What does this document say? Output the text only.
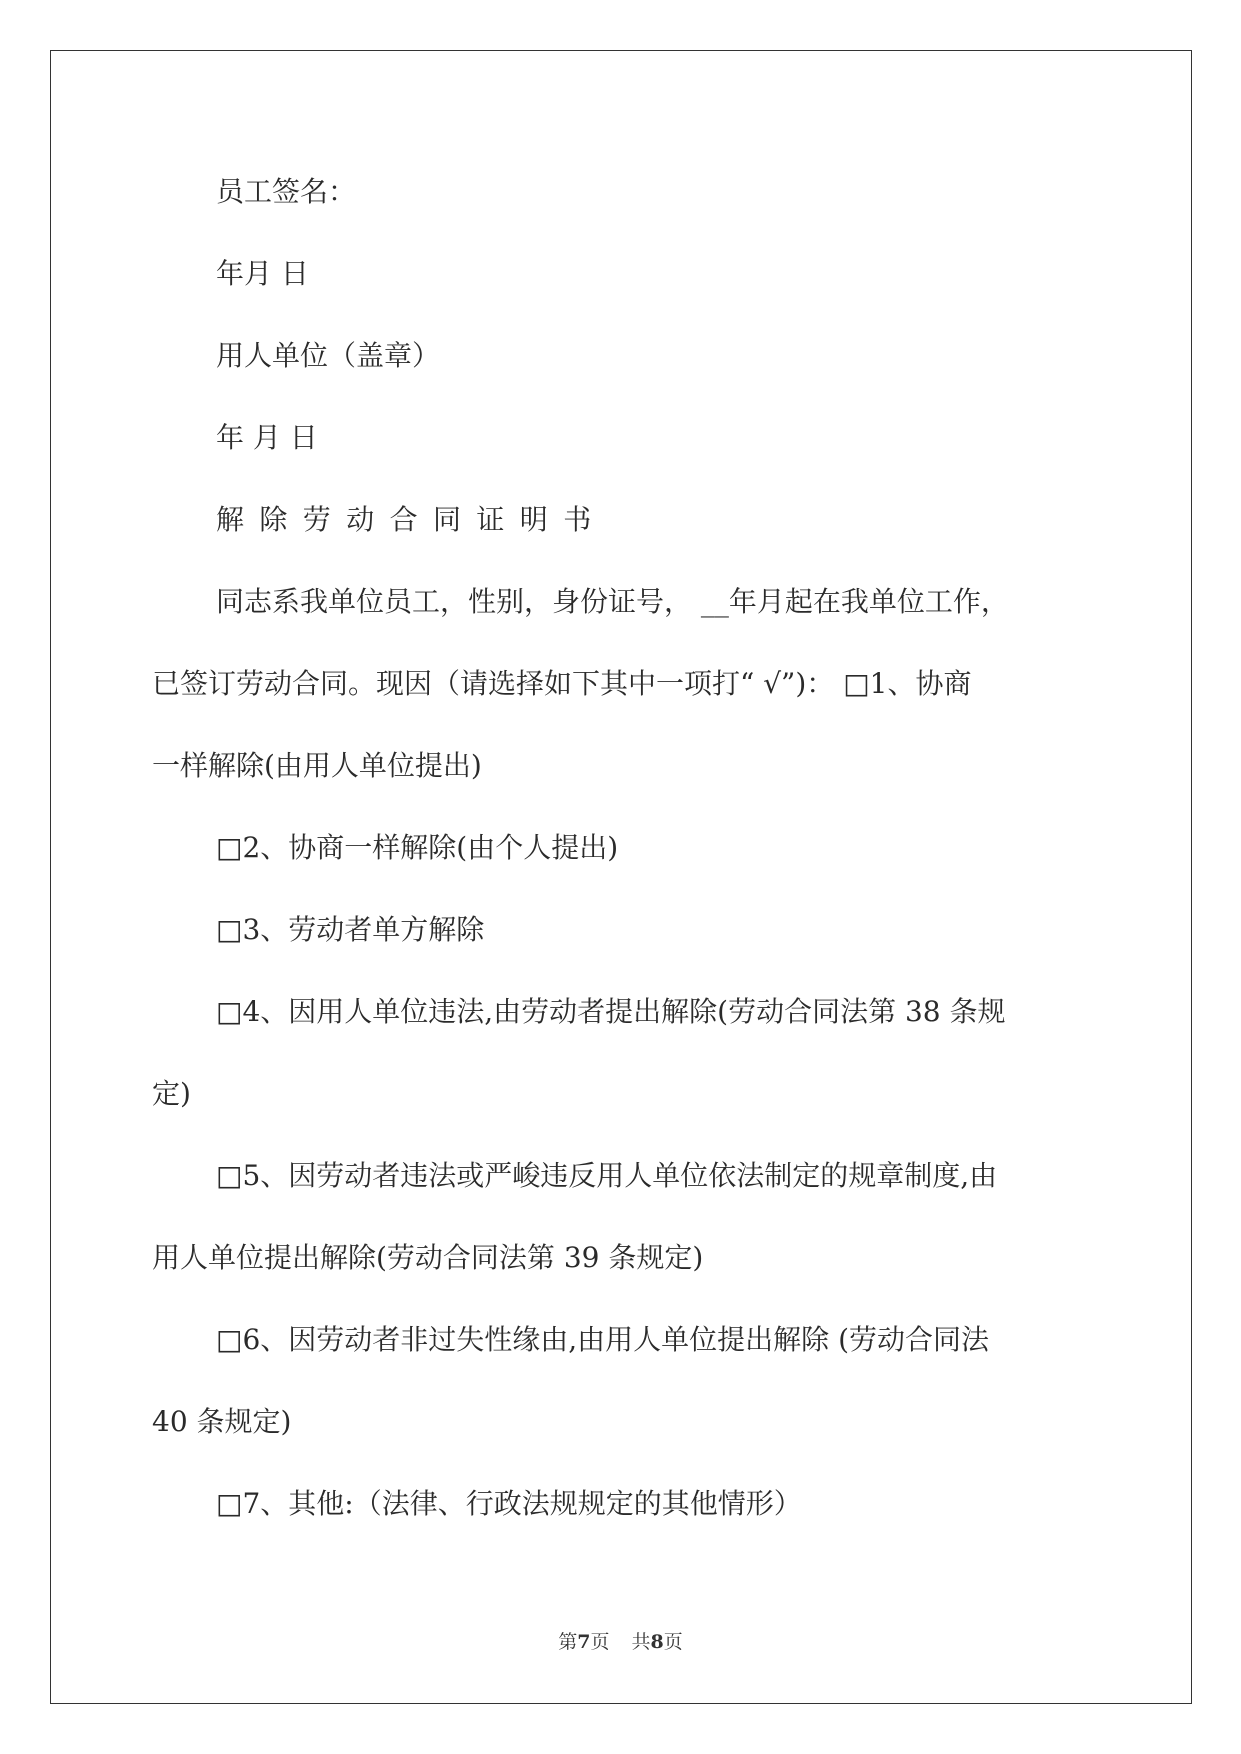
员工签名：
年月 日
用人单位（盖章）
年 月 日
解除劳动合同证明书
同志系我单位员工，性别，身份证号， __年月起在我单位工作，
已签订劳动合同。现因（请选择如下其中一项打“ √”)： □1、协商
一样解除(由用人单位提出)
□2、协商一样解除(由个人提出)
□3、劳动者单方解除
□4、因用人单位违法,由劳动者提出解除(劳动合同法第 38 条规
定)
□5、因劳动者违法或严峻违反用人单位依法制定的规章制度,由
用人单位提出解除(劳动合同法第 39 条规定)
□6、因劳动者非过失性缘由,由用人单位提出解除 (劳动合同法
40 条规定)
□7、其他:（法律、行政法规规定的其他情形）
第7页 共8页
